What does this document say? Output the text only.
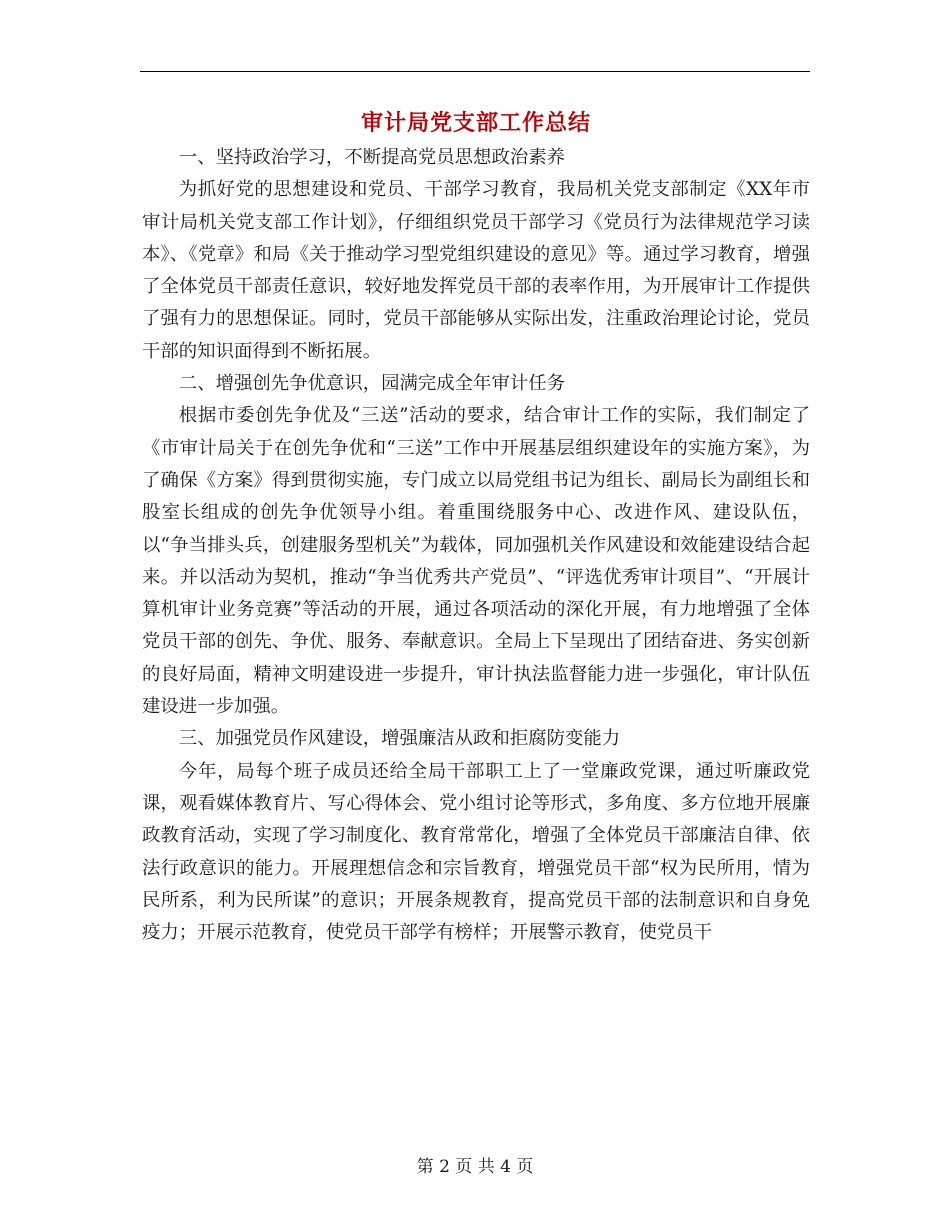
审计局党支部工作总结

一、坚持政治学习，不断提高党员思想政治素养

为抓好党的思想建设和党员、干部学习教育，我局机关党支部制定《XX年市审计局机关党支部工作计划》，仔细组织党员干部学习《党员行为法律规范学习读本》、《党章》和局《关于推动学习型党组织建设的意见》等。通过学习教育，增强了全体党员干部责任意识，较好地发挥党员干部的表率作用，为开展审计工作提供了强有力的思想保证。同时，党员干部能够从实际出发，注重政治理论讨论，党员干部的知识面得到不断拓展。

二、增强创先争优意识，园满完成全年审计任务

根据市委创先争优及“三送”活动的要求，结合审计工作的实际，我们制定了《市审计局关于在创先争优和“三送”工作中开展基层组织建设年的实施方案》，为了确保《方案》得到贯彻实施，专门成立以局党组书记为组长、副局长为副组长和股室长组成的创先争优领导小组。着重围绕服务中心、改进作风、建设队伍，以“争当排头兵，创建服务型机关”为载体，同加强机关作风建设和效能建设结合起来。并以活动为契机，推动“争当优秀共产党员”、“评选优秀审计项目”、“开展计算机审计业务竞赛”等活动的开展，通过各项活动的深化开展，有力地增强了全体党员干部的创先、争优、服务、奉献意识。全局上下呈现出了团结奋进、务实创新的良好局面，精神文明建设进一步提升，审计执法监督能力进一步强化，审计队伍建设进一步加强。

三、加强党员作风建设，增强廉洁从政和拒腐防变能力

今年，局每个班子成员还给全局干部职工上了一堂廉政党课，通过听廉政党课，观看媒体教育片、写心得体会、党小组讨论等形式，多角度、多方位地开展廉政教育活动，实现了学习制度化、教育常常化，增强了全体党员干部廉洁自律、依法行政意识的能力。开展理想信念和宗旨教育，增强党员干部“权为民所用，情为民所系，利为民所谋”的意识；开展条规教育，提高党员干部的法制意识和自身免疫力；开展示范教育，使党员干部学有榜样；开展警示教育，使党员干

第 2 页 共 4 页
